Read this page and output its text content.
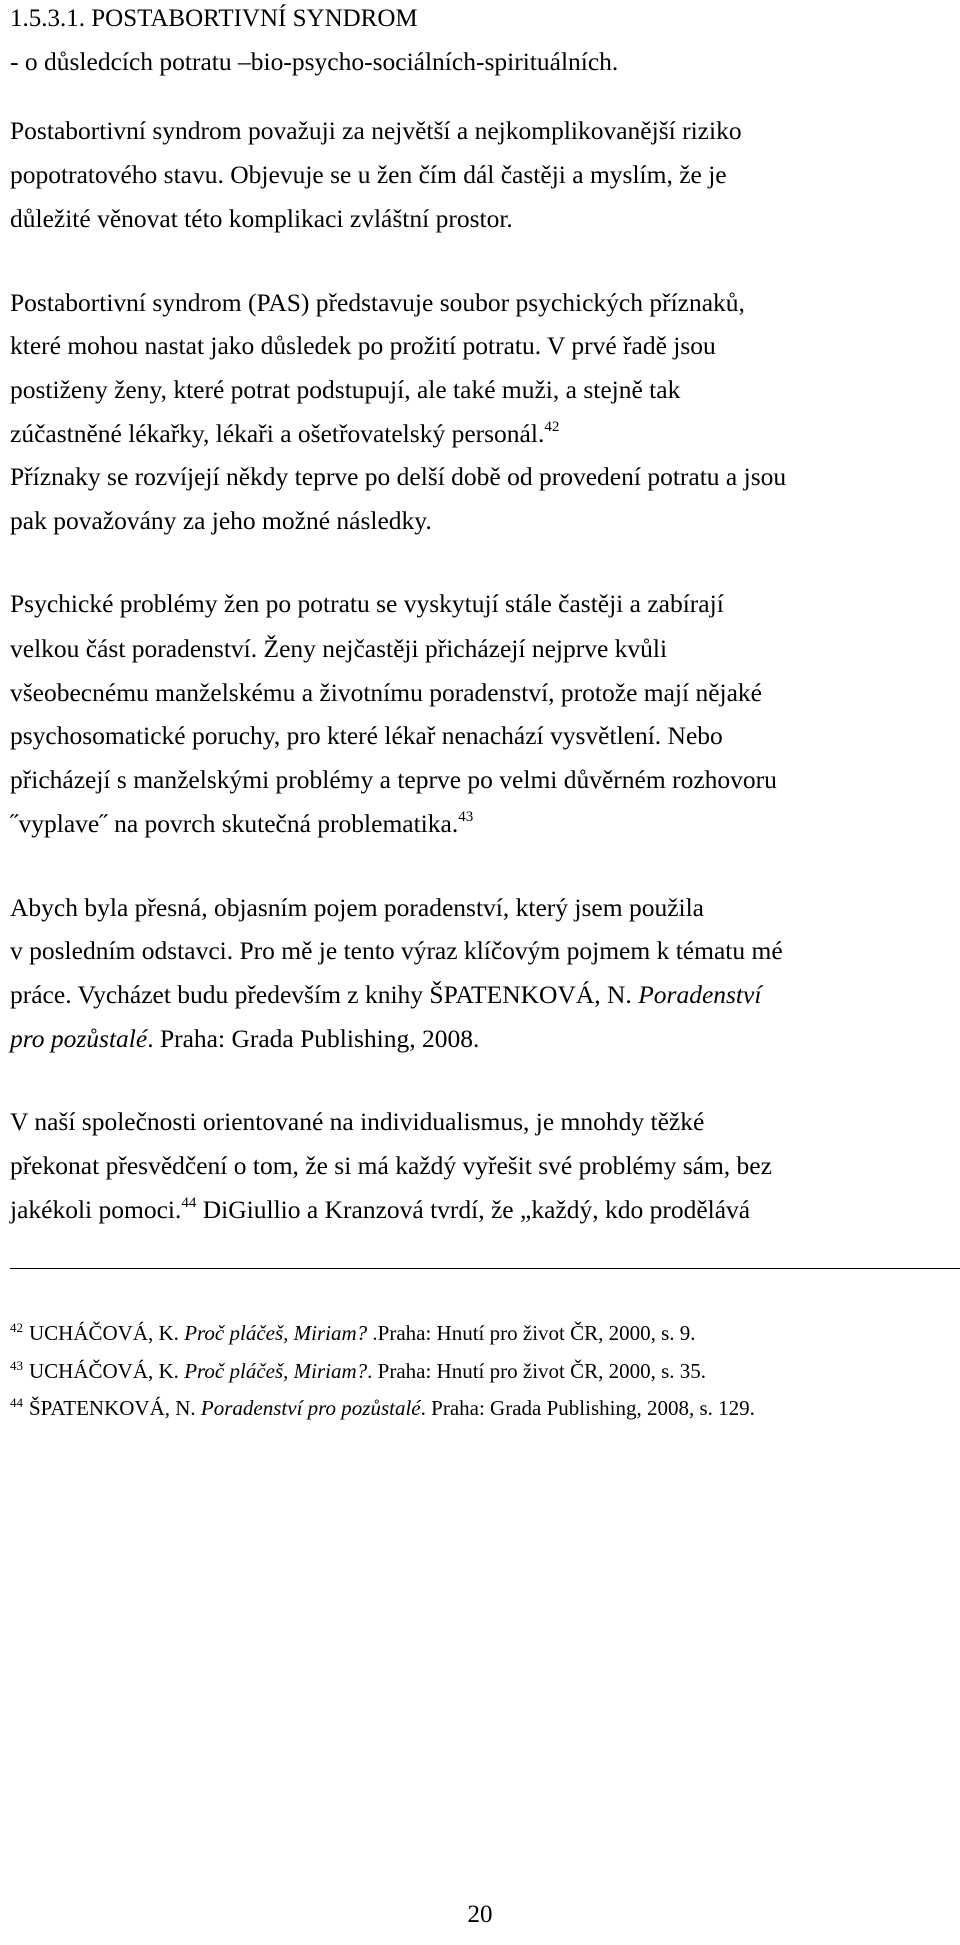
1.5.3.1. POSTABORTIVNÍ SYNDROM
- o důsledcích potratu –bio-psycho-sociálních-spirituálních.
Postabortivní syndrom považuji za největší a nejkomplikovanější riziko
popotratového stavu. Objevuje se u žen čím dál častěji a myslím, že je
důležité věnovat této komplikaci zvláštní prostor.
Postabortivní syndrom (PAS) představuje soubor psychických příznaků,
které mohou nastat jako důsledek po prožití potratu. V prvé řadě jsou
postiženy ženy, které potrat podstupují, ale také muži, a stejně tak
zúčastněné lékařky, lékaři a ošetřovatelský personál.$^{42}$
Příznaky se rozvíjejí někdy teprve po delší době od provedení potratu a jsou
pak považovány za jeho možné následky.
Psychické problémy žen po potratu se vyskytují stále častěji a zabírají
velkou část poradenství. Ženy nejčastěji přicházejí nejprve kvůli
všeobecnému manželskému a životnímu poradenství, protože mají nějaké
psychosomatické poruchy, pro které lékař nenachází vysvětlení. Nebo
přicházejí s manželskými problémy a teprve po velmi důvěrném rozhovoru
˝vyplave˝ na povrch skutečná problematika.$^{43}$
Abych byla přesná, objasním pojem poradenství, který jsem použila
v posledním odstavci. Pro mě je tento výraz klíčovým pojmem k tématu mé
práce. Vycházet budu především z knihy ŠPATENKOVÁ, N. Poradenství
pro pozůstalé. Praha: Grada Publishing, 2008.
V naší společnosti orientované na individualismus, je mnohdy těžké
překonat přesvědčení o tom, že si má každý vyřešit své problémy sám, bez
jakékoli pomoci.$^{44}$ DiGiullio a Kranzová tvrdí, že „každý, kdo prodělává
$^{42}$ UCHÁČOVÁ, K. Proč pláčeš, Miriam? .Praha: Hnutí pro život ČR, 2000, s. 9.
$^{43}$ UCHÁČOVÁ, K. Proč pláčeš, Miriam?. Praha: Hnutí pro život ČR, 2000, s. 35.
$^{44}$ ŠPATENKOVÁ, N. Poradenství pro pozůstalé. Praha: Grada Publishing, 2008, s. 129.
20
